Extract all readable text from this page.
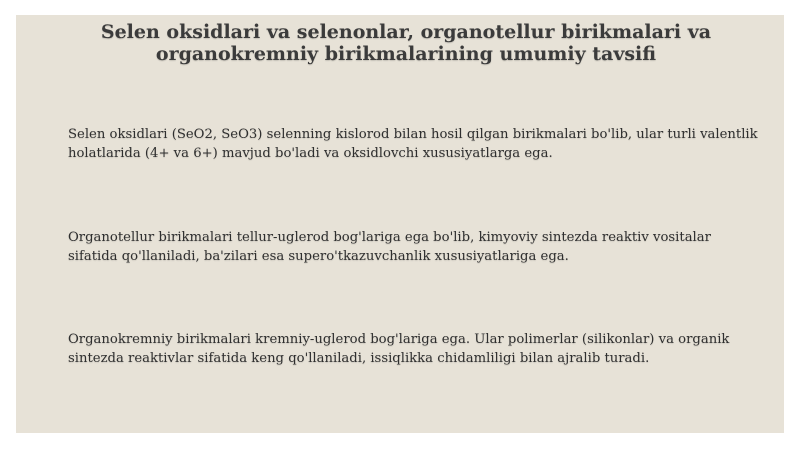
Selen oksidlari va selenonlar, organotellur birikmalari va organokremniy birikmalarining umumiy tavsifi

Selen oksidlari (SeO2, SeO3) selenning kislorod bilan hosil qilgan birikmalari bo'lib, ular turli valentlik holatlarida (4+ va 6+) mavjud bo'ladi va oksidlovchi xususiyatlarga ega.

Organotellur birikmalari tellur-uglerod bog'lariga ega bo'lib, kimyoviy sintezda reaktiv vositalar sifatida qo'llaniladi, ba'zilari esa supero'tkazuvchanlik xususiyatlariga ega.

Organokremniy birikmalari kremniy-uglerod bog'lariga ega. Ular polimerlar (silikonlar) va organik sintezda reaktivlar sifatida keng qo'llaniladi, issiqlikka chidamliligi bilan ajralib turadi.
